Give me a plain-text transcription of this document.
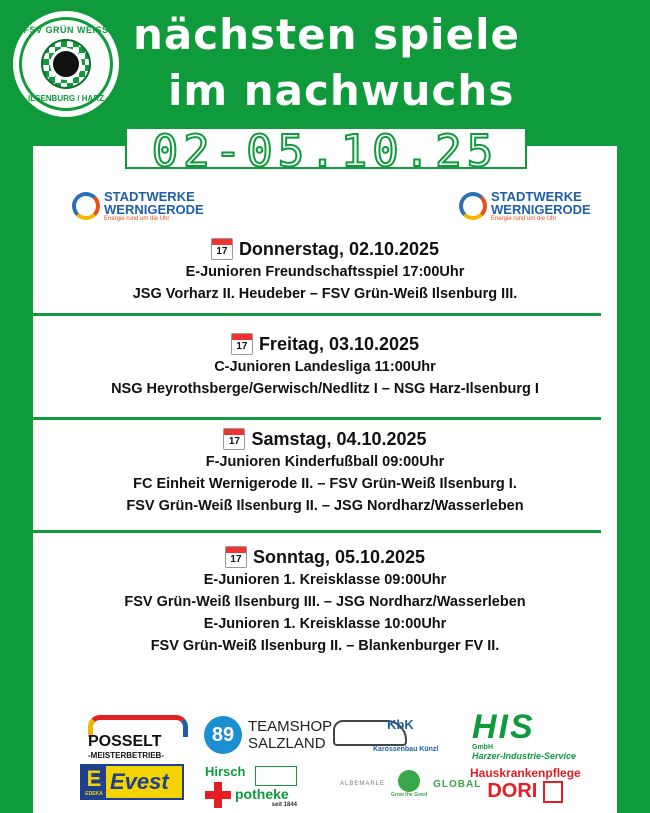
FSV GRÜN WEISS
ILSENBURG / HARZ
nächsten spiele
im nachwuchs
02-05.10.25
STADTWERKE
WERNIGERODE
Energie rund um die Uhr
STADTWERKE
WERNIGERODE
Energie rund um die Uhr
17 Donnerstag, 02.10.2025
E-Junioren Freundschaftsspiel 17:00Uhr
JSG Vorharz II. Heudeber – FSV Grün-Weiß Ilsenburg III.
17 Freitag, 03.10.2025
C-Junioren Landesliga 11:00Uhr
NSG Heyrothsberge/Gerwisch/Nedlitz I – NSG Harz-Ilsenburg I
17 Samstag, 04.10.2025
F-Junioren Kinderfußball 09:00Uhr
FC Einheit Wernigerode II. – FSV Grün-Weiß Ilsenburg I.
FSV Grün-Weiß Ilsenburg II. – JSG Nordharz/Wasserleben
17 Sonntag, 05.10.2025
E-Junioren 1. Kreisklasse 09:00Uhr
FSV Grün-Weiß Ilsenburg III. – JSG Nordharz/Wasserleben
E-Junioren 1. Kreisklasse 10:00Uhr
FSV Grün-Weiß Ilsenburg II. – Blankenburger FV II.
POSSELT
-MEISTERBETRIEB-
E
EDEKA Evest
89 TEAMSHOP
SALZLAND
Hirsch
potheke
seit 1844
KbK
Karossenbau Künzl
ALBEMARLE
Grow the Good
GLOBAL
HIS
GmbH
Harzer-Industrie-Service
Hauskrankenpflege
DORI
